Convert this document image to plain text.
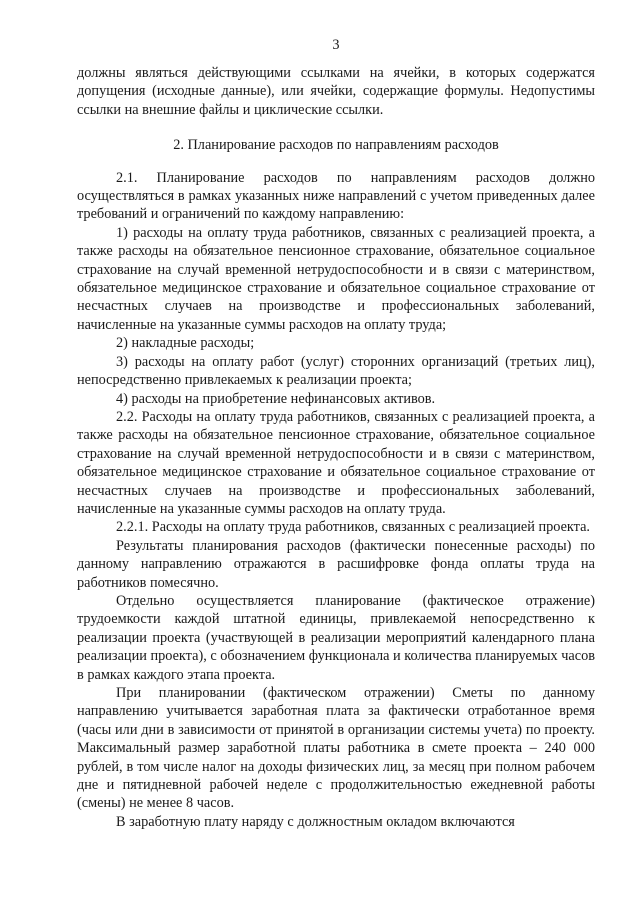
3

должны являться действующими ссылками на ячейки, в которых содержатся допущения (исходные данные), или ячейки, содержащие формулы. Недопустимы ссылки на внешние файлы и циклические ссылки.

2. Планирование расходов по направлениям расходов

2.1. Планирование расходов по направлениям расходов должно осуществляться в рамках указанных ниже направлений с учетом приведенных далее требований и ограничений по каждому направлению:

1) расходы на оплату труда работников, связанных с реализацией проекта, а также расходы на обязательное пенсионное страхование, обязательное социальное страхование на случай временной нетрудоспособности и в связи с материнством, обязательное медицинское страхование и обязательное социальное страхование от несчастных случаев на производстве и профессиональных заболеваний, начисленные на указанные суммы расходов на оплату труда;

2) накладные расходы;

3) расходы на оплату работ (услуг) сторонних организаций (третьих лиц), непосредственно привлекаемых к реализации проекта;

4) расходы на приобретение нефинансовых активов.

2.2. Расходы на оплату труда работников, связанных с реализацией проекта, а также расходы на обязательное пенсионное страхование, обязательное социальное страхование на случай временной нетрудоспособности и в связи с материнством, обязательное медицинское страхование и обязательное социальное страхование от несчастных случаев на производстве и профессиональных заболеваний, начисленные на указанные суммы расходов на оплату труда.

2.2.1. Расходы на оплату труда работников, связанных с реализацией проекта.

Результаты планирования расходов (фактически понесенные расходы) по данному направлению отражаются в расшифровке фонда оплаты труда на работников помесячно.

Отдельно осуществляется планирование (фактическое отражение) трудоемкости каждой штатной единицы, привлекаемой непосредственно к реализации проекта (участвующей в реализации мероприятий календарного плана реализации проекта), с обозначением функционала и количества планируемых часов в рамках каждого этапа проекта.

При планировании (фактическом отражении) Сметы по данному направлению учитывается заработная плата за фактически отработанное время (часы или дни в зависимости от принятой в организации системы учета) по проекту. Максимальный размер заработной платы работника в смете проекта – 240 000 рублей, в том числе налог на доходы физических лиц, за месяц при полном рабочем дне и пятидневной рабочей неделе с продолжительностью ежедневной работы (смены) не менее 8 часов.

В заработную плату наряду с должностным окладом включаются
